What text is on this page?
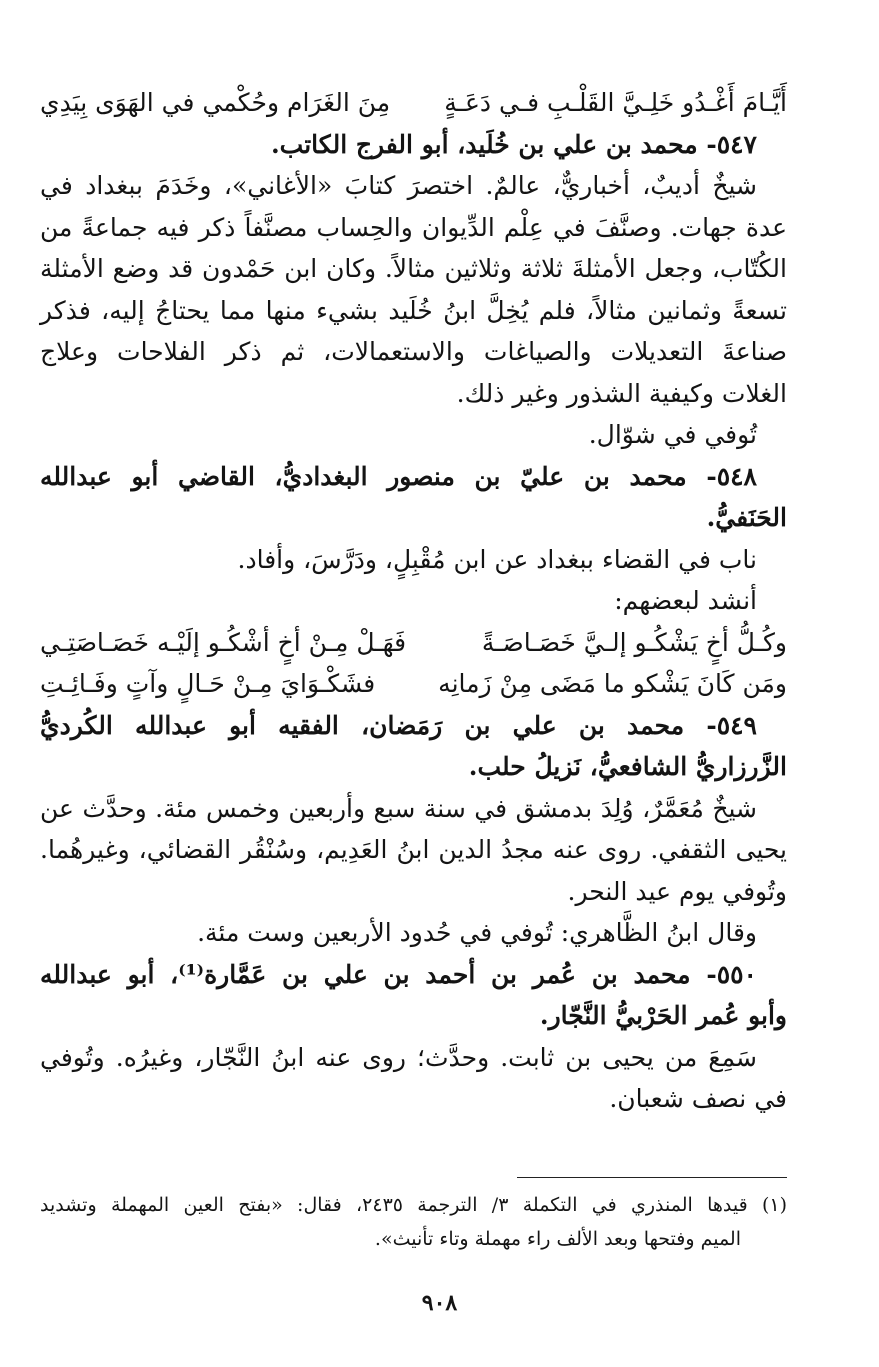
أَيَّـامَ أَغْـدُو خَلِـيَّ القَلْـبِ فـي دَعَـةٍ
مِنَ الغَرَام وحُكْمي في الهَوَى بِيَدِي
٥٤٧- محمد بن علي بن خُلَيد، أبو الفرج الكاتب.
شيخٌ أديبٌ، أخباريٌّ، عالمٌ. اختصرَ كتابَ «الأغاني»، وخَدَمَ ببغداد في
عدة جهات. وصنَّفَ في عِلْم الدِّيوان والحِساب مصنَّفاً ذكر فيه جماعةً من
الكُتّاب، وجعل الأمثلةَ ثلاثة وثلاثين مثالاً. وكان ابن حَمْدون قد وضع الأمثلة
تسعةً وثمانين مثالاً، فلم يُخِلَّ ابنُ خُلَيد بشيء منها مما يحتاجُ إليه، فذكر
صناعةَ التعديلات والصياغات والاستعمالات، ثم ذكر الفلاحات وعلاج
الغلات وكيفية الشذور وغير ذلك.
تُوفي في شوّال.
٥٤٨- محمد بن عليّ بن منصور البغداديُّ، القاضي أبو عبدالله
الحَنَفيُّ.
ناب في القضاء ببغداد عن ابن مُقْبِلٍ، ودَرَّسَ، وأفاد.
أنشد لبعضهم:
وكُـلُّ أخٍ يَشْكُـو إلـيَّ خَصَـاصَـةً
فَهَـلْ مِـنْ أخٍ أشْكُـو إلَيْـه خَصَـاصَتِـي
ومَن كَانَ يَشْكو ما مَضَى مِنْ زَمانِه
فشَكْـوَايَ مِـنْ حَـالٍ وآتٍ وفَـائِـتِ
٥٤٩- محمد بن علي بن رَمَضان، الفقيه أبو عبدالله الكُرديُّ
الزَّرزاريُّ الشافعيُّ، نَزيلُ حلب.
شيخٌ مُعَمَّرٌ، وُلِدَ بدمشق في سنة سبع وأربعين وخمس مئة. وحدَّث عن
يحيى الثقفي. روى عنه مجدُ الدين ابنُ العَدِيم، وسُنْقُر القضائي، وغيرهُما.
وتُوفي يوم عيد النحر.
وقال ابنُ الظَّاهري: تُوفي في حُدود الأربعين وست مئة.
٥٥٠- محمد بن عُمر بن أحمد بن علي بن عَمَّارة⁽¹⁾، أبو عبدالله
وأبو عُمر الحَرْبيُّ النَّجّار.
سَمِعَ من يحيى بن ثابت. وحدَّث؛ روى عنه ابنُ النَّجّار، وغيرُه. وتُوفي
في نصف شعبان.
(١) قيدها المنذري في التكملة ٣/ الترجمة ٢٤٣٥، فقال: «بفتح العين المهملة وتشديد
الميم وفتحها وبعد الألف راء مهملة وتاء تأنيث».
٩٠٨
